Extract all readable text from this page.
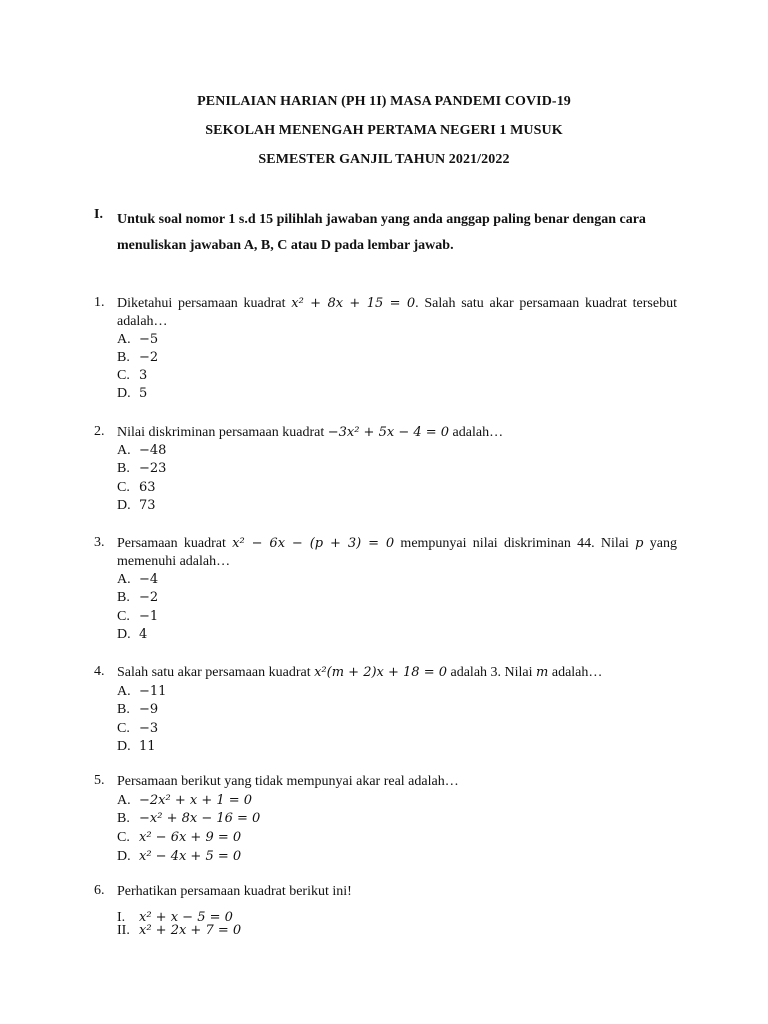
PENILAIAN HARIAN (PH 1I) MASA PANDEMI COVID-19
SEKOLAH MENENGAH PERTAMA NEGERI 1 MUSUK
SEMESTER GANJIL TAHUN 2021/2022
I. Untuk soal nomor 1 s.d 15 pilihlah jawaban yang anda anggap paling benar dengan cara menuliskan jawaban A, B, C atau D pada lembar jawab.
1. Diketahui persamaan kuadrat x² + 8x + 15 = 0. Salah satu akar persamaan kuadrat tersebut adalah…
A. −5
B. −2
C. 3
D. 5
2. Nilai diskriminan persamaan kuadrat −3x² + 5x − 4 = 0 adalah…
A. −48
B. −23
C. 63
D. 73
3. Persamaan kuadrat x² − 6x − (p + 3) = 0 mempunyai nilai diskriminan 44. Nilai p yang memenuhi adalah…
A. −4
B. −2
C. −1
D. 4
4. Salah satu akar persamaan kuadrat x²(m + 2)x + 18 = 0 adalah 3. Nilai m adalah…
A. −11
B. −9
C. −3
D. 11
5. Persamaan berikut yang tidak mempunyai akar real adalah…
A. −2x² + x + 1 = 0
B. −x² + 8x − 16 = 0
C. x² − 6x + 9 = 0
D. x² − 4x + 5 = 0
6. Perhatikan persamaan kuadrat berikut ini!
I. x² + x − 5 = 0
II. x² + 2x + 7 = 0
